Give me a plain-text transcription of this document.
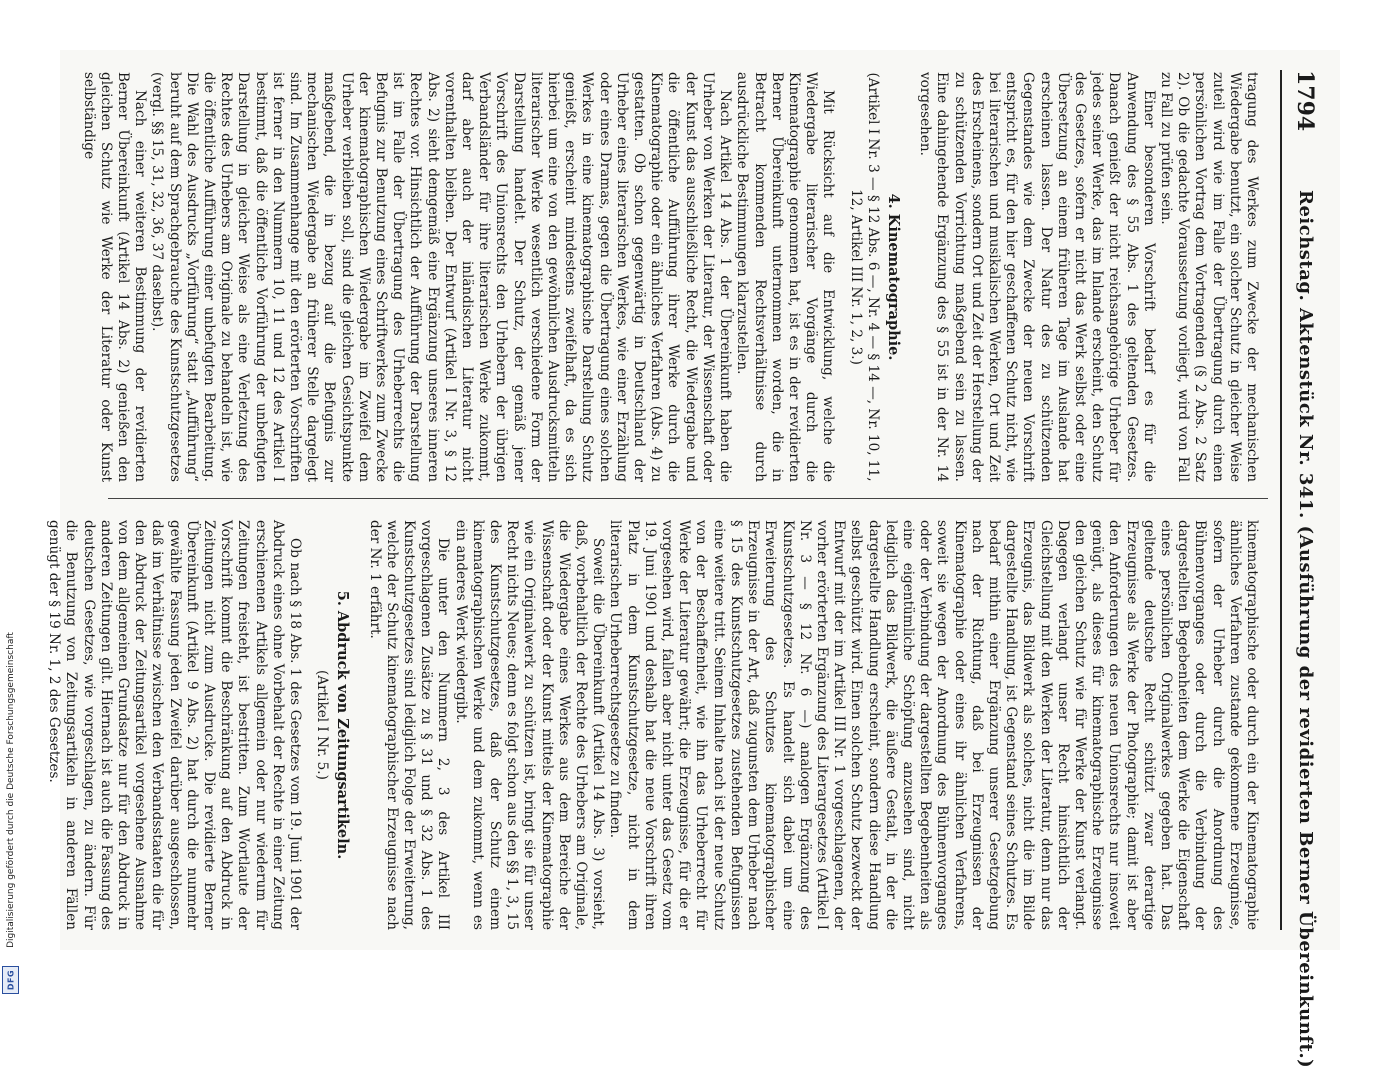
Digitalisierung gefördert durch die Deutsche Forschungsgemeinschaft
DFG
1794
Reichstag. Aktenstück Nr. 341. (Ausführung der revidierten Berner Übereinkunft.)

tragung des Werkes zum Zwecke der mechanischen Wiedergabe benutzt, ein solcher Schutz in gleicher Weise zuteil wird wie im Falle der Übertragung durch einen persönlichen Vortrag dem Vortragenden (§ 2 Abs. 2 Satz 2). Ob die gedachte Voraussetzung vorliegt, wird von Fall zu Fall zu prüfen sein.

Einer besonderen Vorschrift bedarf es für die Anwendung des § 55 Abs. 1 des geltenden Gesetzes. Danach genießt der nicht reichsangehörige Urheber für jedes seiner Werke, das im Inlande erscheint, den Schutz des Gesetzes, sofern er nicht das Werk selbst oder eine Übersetzung an einem früheren Tage im Auslande hat erscheinen lassen. Der Natur des zu schützenden Gegenstandes wie dem Zwecke der neuen Vorschrift entspricht es, für den hier geschaffenen Schutz nicht, wie bei literarischen und musikalischen Werken, Ort und Zeit des Erscheinens, sondern Ort und Zeit der Herstellung der zu schützenden Vorrichtung maßgebend sein zu lassen. Eine dahingehende Ergänzung des § 55 ist in der Nr. 14 vorgesehen.

4. Kinematographie.
(Artikel I Nr. 3 — § 12 Abs. 6 —, Nr. 4 — § 14 —, Nr. 10, 11, 12, Artikel III Nr. 1, 2, 3.)

Mit Rücksicht auf die Entwicklung, welche die Wiedergabe literarischer Vorgänge durch die Kinematographie genommen hat, ist es in der revidierten Berner Übereinkunft unternommen worden, die in Betracht kommenden Rechtsverhältnisse durch ausdrückliche Bestimmungen klarzustellen.

Nach Artikel 14 Abs. 1 der Übereinkunft haben die Urheber von Werken der Literatur, der Wissenschaft oder der Kunst das ausschließliche Recht, die Wiedergabe und die öffentliche Aufführung ihrer Werke durch die Kinematographie oder ein ähnliches Verfahren (Abs. 4) zu gestatten. Ob schon gegenwärtig in Deutschland der Urheber eines literarischen Werkes, wie einer Erzählung oder eines Dramas, gegen die Übertragung eines solchen Werkes in eine kinematographische Darstellung Schutz genießt, erscheint mindestens zweifelhaft, da es sich hierbei um eine von den gewöhnlichen Ausdrucksmitteln literarischer Werke wesentlich verschiedene Form der Darstellung handelt. Der Schutz, der gemäß jener Vorschrift des Unionsrechts den Urhebern der übrigen Verbandsländer für ihre literarischen Werke zukommt, darf aber auch der inländischen Literatur nicht vorenthalten bleiben. Der Entwurf (Artikel I Nr. 3, § 12 Abs. 2) sieht demgemäß eine Ergänzung unseres inneren Rechtes vor. Hinsichtlich der Aufführung der Darstellung ist im Falle der Übertragung des Urheberrechts die Befugnis zur Benutzung eines Schriftwerkes zum Zwecke der kinematographischen Wiedergabe im Zweifel dem Urheber verbleiben soll, sind die gleichen Gesichtspunkte maßgebend, die in bezug auf die Befugnis zur mechanischen Wiedergabe an früherer Stelle dargelegt sind. Im Zusammenhange mit den erörterten Vorschriften ist ferner in den Nummern 10, 11 und 12 des Artikel I bestimmt, daß die öffentliche Vorführung der unbefugten Darstellung in gleicher Weise als eine Verletzung des Rechtes des Urhebers am Originale zu behandeln ist, wie die öffentliche Aufführung einer unbefugten Bearbeitung. Die Wahl des Ausdrucks „Vorführung“ statt „Aufführung“ beruht auf dem Sprachgebrauche des Kunstschutzgesetzes (vergl. §§ 15, 31, 32, 36, 37 daselbst).

Nach einer weiteren Bestimmung der revidierten Berner Übereinkunft (Artikel 14 Abs. 2) genießen den gleichen Schutz wie Werke der Literatur oder Kunst selbständige

kinematographische oder durch ein der Kinematographie ähnliches Verfahren zustande gekommene Erzeugnisse, sofern der Urheber durch die Anordnung des Bühnenvorganges oder durch die Verbindung der dargestellten Begebenheiten dem Werke die Eigenschaft eines persönlichen Originalwerkes gegeben hat. Das geltende deutsche Recht schützt zwar derartige Erzeugnisse als Werke der Photographie; damit ist aber den Anforderungen des neuen Unionsrechts nur insoweit genügt, als dieses für kinematographische Erzeugnisse den gleichen Schutz wie für Werke der Kunst verlangt. Dagegen verlangt unser Recht hinsichtlich der Gleichstellung mit den Werken der Literatur, denn nur das Erzeugnis, das Bildwerk als solches, nicht die im Bilde dargestellte Handlung, ist Gegenstand seines Schutzes. Es bedarf mithin einer Ergänzung unserer Gesetzgebung nach der Richtung, daß bei Erzeugnissen der Kinematographie oder eines ihr ähnlichen Verfahrens, soweit sie wegen der Anordnung des Bühnenvorganges oder der Verbindung der dargestellten Begebenheiten als eine eigentümliche Schöpfung anzusehen sind, nicht lediglich das Bildwerk, die äußere Gestalt, in der die dargestellte Handlung erscheint, sondern diese Handlung selbst geschützt wird. Einen solchen Schutz bezweckt der Entwurf mit der im Artikel III Nr. 1 vorgeschlagenen, der vorher erörterten Ergänzung des Literargesetzes (Artikel I Nr. 3 — § 12 Nr. 6 —) analogen Ergänzung des Kunstschutzgesetzes. Es handelt sich dabei um eine Erweiterung des Schutzes kinematographischer Erzeugnisse in der Art, daß zugunsten dem Urheber nach § 15 des Kunstschutzgesetzes zustehenden Befugnissen eine weitere tritt. Seinem Inhalte nach ist der neue Schutz von der Beschaffenheit, wie ihn das Urheberrecht für Werke der Literatur gewährt; die Erzeugnisse, für die er vorgesehen wird, fallen aber nicht unter das Gesetz vom 19. Juni 1901 und deshalb hat die neue Vorschrift ihren Platz in dem Kunstschutzgesetze, nicht in dem literarischen Urheberrechtsgesetze zu finden.

Soweit die Übereinkunft (Artikel 14 Abs. 3) vorsieht, daß, vorbehaltlich der Rechte des Urhebers am Originale, die Wiedergabe eines Werkes aus dem Bereiche der Wissenschaft oder der Kunst mittels der Kinematographie wie ein Originalwerk zu schützen ist, bringt sie für unser Recht nichts Neues; denn es folgt schon aus den §§ 1, 3, 15 des Kunstschutzgesetzes, daß der Schutz einem kinematographischen Werke und dem zukommt, wenn es ein anderes Werk wiedergibt.

Die unter den Nummern 2, 3 des Artikel III vorgeschlagenen Zusätze zu § 31 und § 32 Abs. 1 des Kunstschutzgesetzes sind lediglich Folge der Erweiterung, welche der Schutz kinematographischer Erzeugnisse nach der Nr. 1 erfährt.

5. Abdruck von Zeitungsartikeln.
(Artikel I Nr. 5.)

Ob nach § 18 Abs. 1 des Gesetzes vom 19. Juni 1901 der Abdruck eines ohne Vorbehalt der Rechte in einer Zeitung erschienenen Artikels allgemein oder nur wiederum für Zeitungen freisteht, ist bestritten. Zum Wortlaute der Vorschrift kommt die Beschränkung auf den Abdruck in Zeitungen nicht zum Ausdrucke. Die revidierte Berner Übereinkunft (Artikel 9 Abs. 2) hat durch die nunmehr gewählte Fassung jeden Zweifel darüber ausgeschlossen, daß im Verhältnisse zwischen den Verbandsstaaten die für den Abdruck der Zeitungsartikel vorgesehene Ausnahme von dem allgemeinen Grundsatze nur für den Abdruck in anderen Zeitungen gilt. Hiernach ist auch die Fassung des deutschen Gesetzes, wie vorgeschlagen, zu ändern. Für die Benutzung von Zeitungsartikeln in anderen Fällen genügt der § 19 Nr. 1, 2 des Gesetzes.
